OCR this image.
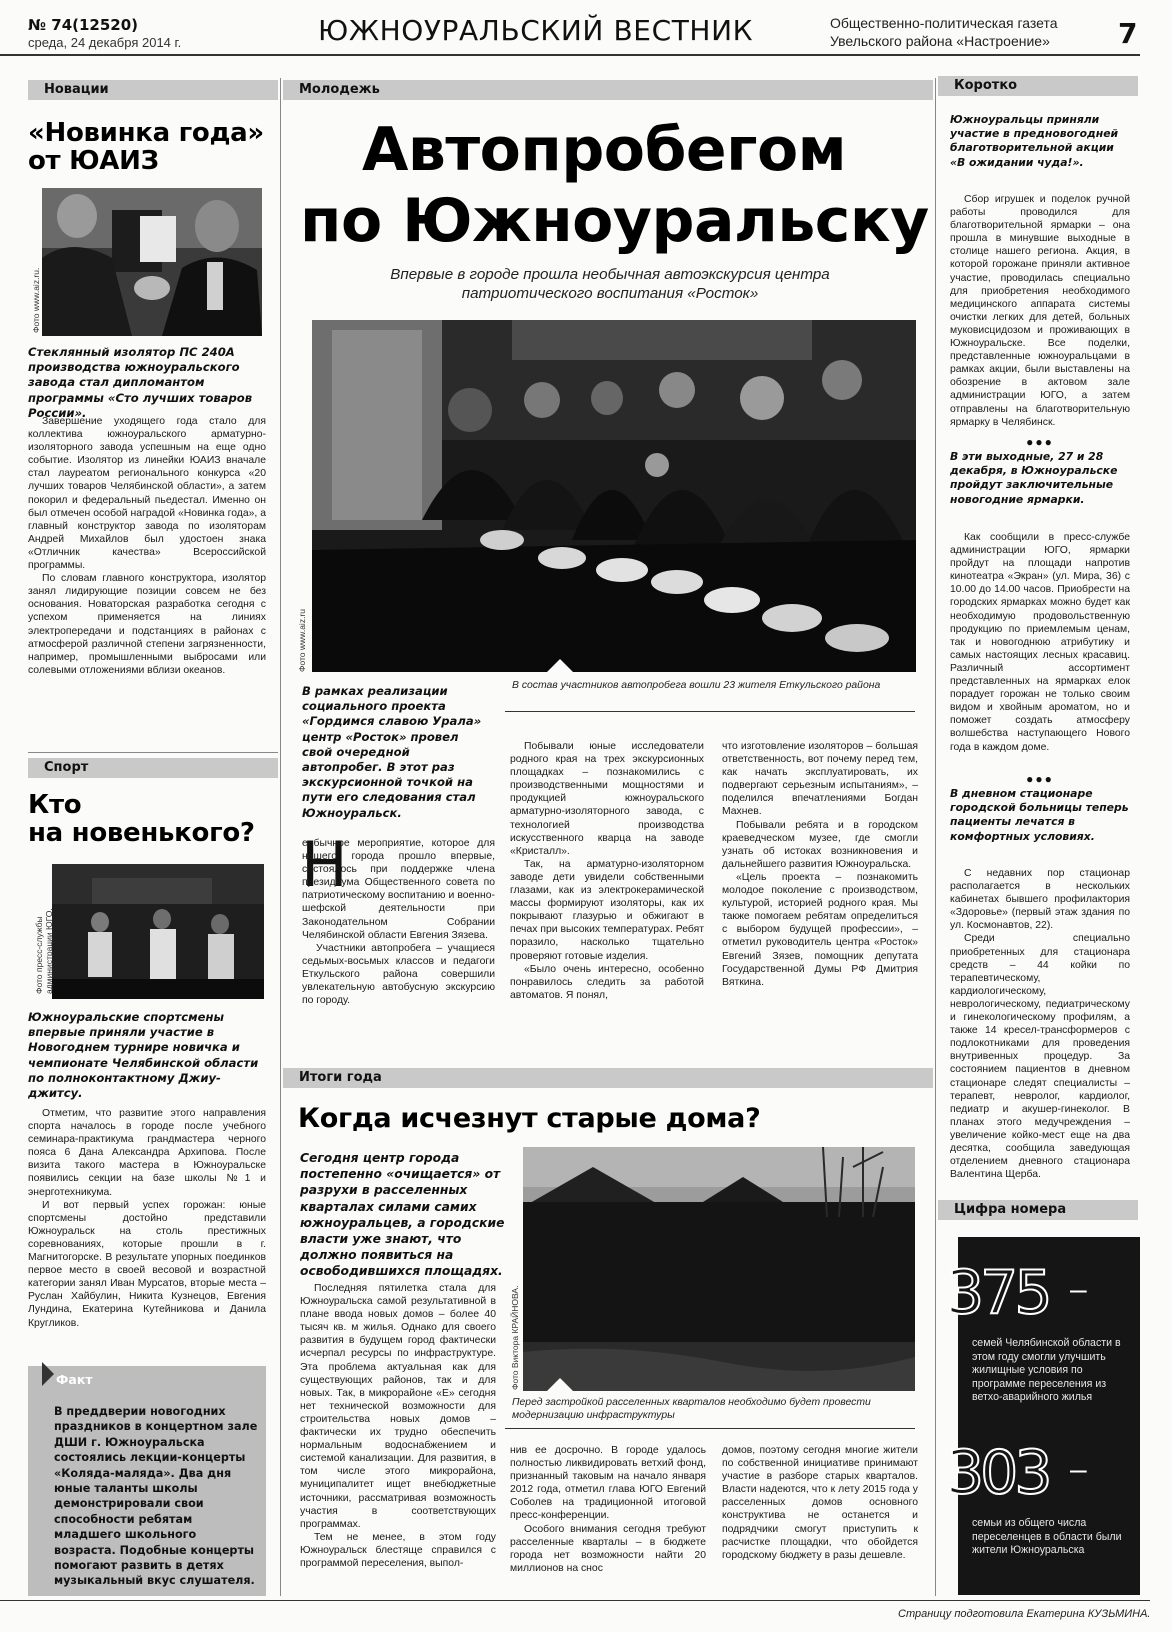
№ 74(12520)
среда, 24 декабря 2014 г.	ЮЖНОУРАЛЬСКИЙ ВЕСТНИК	Общественно-политическая газета
Увельского района «Настроение» 7
Новации
«Новинка года»
от ЮАИЗ
Фото www.aiz.ru.
Стеклянный изолятор ПС 240А производства южноуральского завода стал дипломантом программы «Сто лучших товаров России».

Завершение уходящего года стало для коллектива южноуральского арматурно-изоляторного завода успешным на еще одно событие. Изолятор из линейки ЮАИЗ вначале стал лауреатом регионального конкурса «20 лучших товаров Челябинской области», а затем покорил и федеральный пьедестал. Именно он был отмечен особой наградой «Новинка года», а главный конструктор завода по изоляторам Андрей Михайлов был удостоен знака «Отличник качества» Всероссийской программы.

По словам главного конструктора, изолятор занял лидирующие позиции совсем не без основания. Новаторская разработка сегодня с успехом применяется на линиях электропередачи и подстанциях в районах с атмосферой различной степени загрязненности, например, промышленными выбросами или солевыми отложениями вблизи океанов.

Спорт
Кто
на новенького?
Фото пресс-службы администрации ЮГО.
Южноуральские спортсмены впервые приняли участие в Новогоднем турнире новичка и чемпионате Челябинской области по полноконтактному Джиу-джитсу.

Отметим, что развитие этого направления спорта началось в городе после учебного семинара-практикума грандмастера черного пояса 6 Дана Александра Архипова. После визита такого мастера в Южноуральске появились секции на базе школы №1 и энерготехникума.

И вот первый успех горожан: юные спортсмены достойно представили Южноуральск на столь престижных соревнованиях, которые прошли в г. Магнитогорске. В результате упорных поединков первое место в своей весовой и возрастной категории занял Иван Мурсатов, вторые места – Руслан Хайбулин, Никита Кузнецов, Евгения Лундина, Екатерина Кутейникова и Данила Кругликов.

Факт
В преддверии новогодних праздников в концертном зале ДШИ г. Южноуральска состоялись лекции-концерты «Коляда-маляда». Два дня юные таланты школы демонстрировали свои способности ребятам младшего школьного возраста. Подобные концерты помогают развить в детях музыкальный вкус слушателя.
Молодежь
Автопробегом
по Южноуральску
Впервые в городе прошла необычная автоэкскурсия центра патриотического воспитания «Росток»
Фото www.aiz.ru
В состав участников автопробега вошли 23 жителя Еткульского района
В рамках реализации социального проекта «Гордимся славою Урала» центр «Росток» провел свой очередной автопробег. В этот раз экскурсионной точкой на пути его следования стал Южноуральск.
Н

еобычное мероприятие, которое для нашего города прошло впервые, состоялось при поддержке члена президиума Общественного совета по патриотическому воспитанию и военно-шефской деятельности при Законодательном Собрании Челябинской области Евгения Зязева.

Участники автопробега – учащиеся седьмых-восьмых классов и педагоги Еткульского района совершили увлекательную автобусную экскурсию по городу.

Побывали юные исследователи родного края на трех экскурсионных площадках – познакомились с производственными мощностями и продукцией южноуральского арматурно-изоляторного завода, с технологией производства искусственного кварца на заводе «Кристалл».

Так, на арматурно-изоляторном заводе дети увидели собственными глазами, как из электрокерамической массы формируют изоляторы, как их покрывают глазурью и обжигают в печах при высоких температурах. Ребят поразило, насколько тщательно проверяют готовые изделия.

«Было очень интересно, особенно понравилось следить за работой автоматов. Я понял,

что изготовление изоляторов – большая ответственность, вот почему перед тем, как начать эксплуатировать, их подвергают серьезным испытаниям», – поделился впечатлениями Богдан Махнев.

Побывали ребята и в городском краеведческом музее, где смогли узнать об истоках возникновения и дальнейшего развития Южноуральска.

«Цель проекта – познакомить молодое поколение с производством, культурой, историей родного края. Мы также помогаем ребятам определиться с выбором будущей профессии», – отметил руководитель центра «Росток» Евгений Зязев, помощник депутата Государственной Думы РФ Дмитрия Вяткина.

Итоги года
Когда исчезнут старые дома?
Сегодня центр города постепенно «очищается» от разрухи в расселенных кварталах силами самих южноуральцев, а городские власти уже знают, что должно появиться на освободившихся площадях.
Фото Виктора КРАЙНОВА.
Перед застройкой расселенных кварталов необходимо будет провести модернизацию инфраструктуры

Последняя пятилетка стала для Южноуральска самой результативной в плане ввода новых домов – более 40 тысяч кв. м жилья. Однако для своего развития в будущем город фактически исчерпал ресурсы по инфраструктуре. Эта проблема актуальная как для существующих районов, так и для новых. Так, в микрорайоне «Е» сегодня нет технической возможности для строительства новых домов – фактически их трудно обеспечить нормальным водоснабжением и системой канализации. Для развития, в том числе этого микрорайона, муниципалитет ищет внебюджетные источники, рассматривая возможность участия в соответствующих программах.

Тем не менее, в этом году Южноуральск блестяще справился с программой переселения, выпол-

нив ее досрочно. В городе удалось полностью ликвидировать ветхий фонд, признанный таковым на начало января 2012 года, отметил глава ЮГО Евгений Соболев на традиционной итоговой пресс-конференции.

Особого внимания сегодня требуют расселенные кварталы – в бюджете города нет возможности найти 20 миллионов на снос

домов, поэтому сегодня многие жители по собственной инициативе принимают участие в разборе старых кварталов. Власти надеются, что к лету 2015 года у расселенных домов основного конструктива не останется и подрядчики смогут приступить к расчистке площадки, что обойдется городскому бюджету в разы дешевле.

Коротко
Южноуральцы приняли участие в предновогодней благотворительной акции «В ожидании чуда!».

Сбор игрушек и поделок ручной работы проводился для благотворительной ярмарки – она прошла в минувшие выходные в столице нашего региона. Акция, в которой горожане приняли активное участие, проводилась специально для приобретения необходимого медицинского аппарата системы очистки легких для детей, больных муковисцидозом и проживающих в Южноуральске. Все поделки, представленные южноуральцами в рамках акции, были выставлены на обозрение в актовом зале администрации ЮГО, а затем отправлены на благотворительную ярмарку в Челябинск.

●●●
В эти выходные, 27 и 28 декабря, в Южноуральске пройдут заключительные новогодние ярмарки.

Как сообщили в пресс-службе администрации ЮГО, ярмарки пройдут на площади напротив кинотеатра «Экран» (ул. Мира, 36) с 10.00 до 14.00 часов. Приобрести на городских ярмарках можно будет как необходимую продовольственную продукцию по приемлемым ценам, так и новогоднюю атрибутику и самых настоящих лесных красавиц. Различный ассортимент представленных на ярмарках елок порадует горожан не только своим видом и хвойным ароматом, но и поможет создать атмосферу волшебства наступающего Нового года в каждом доме.

●●●
В дневном стационаре городской больницы теперь пациенты лечатся в комфортных условиях.

С недавних пор стационар располагается в нескольких кабинетах бывшего профилактория «Здоровье» (первый этаж здания по ул. Космонавтов, 22).

Среди специально приобретенных для стационара средств – 44 койки по терапевтическому, кардиологическому, неврологическому, педиатрическому и гинекологическому профилям, а также 14 кресел-трансформеров с подлокотниками для проведения внутривенных процедур. За состоянием пациентов в дневном стационаре следят специалисты – терапевт, невролог, кардиолог, педиатр и акушер-гинеколог. В планах этого медучреждения – увеличение койко-мест еще на два десятка, сообщила заведующая отделением дневного стационара Валентина Щерба.

Цифра номера
375 –
семей Челябинской области в этом году смогли улучшить жилищные условия по программе переселения из ветхо-аварийного жилья
303 –
семьи из общего числа переселенцев в области были жители Южноуральска
Страницу подготовила Екатерина КУЗЬМИНА.
